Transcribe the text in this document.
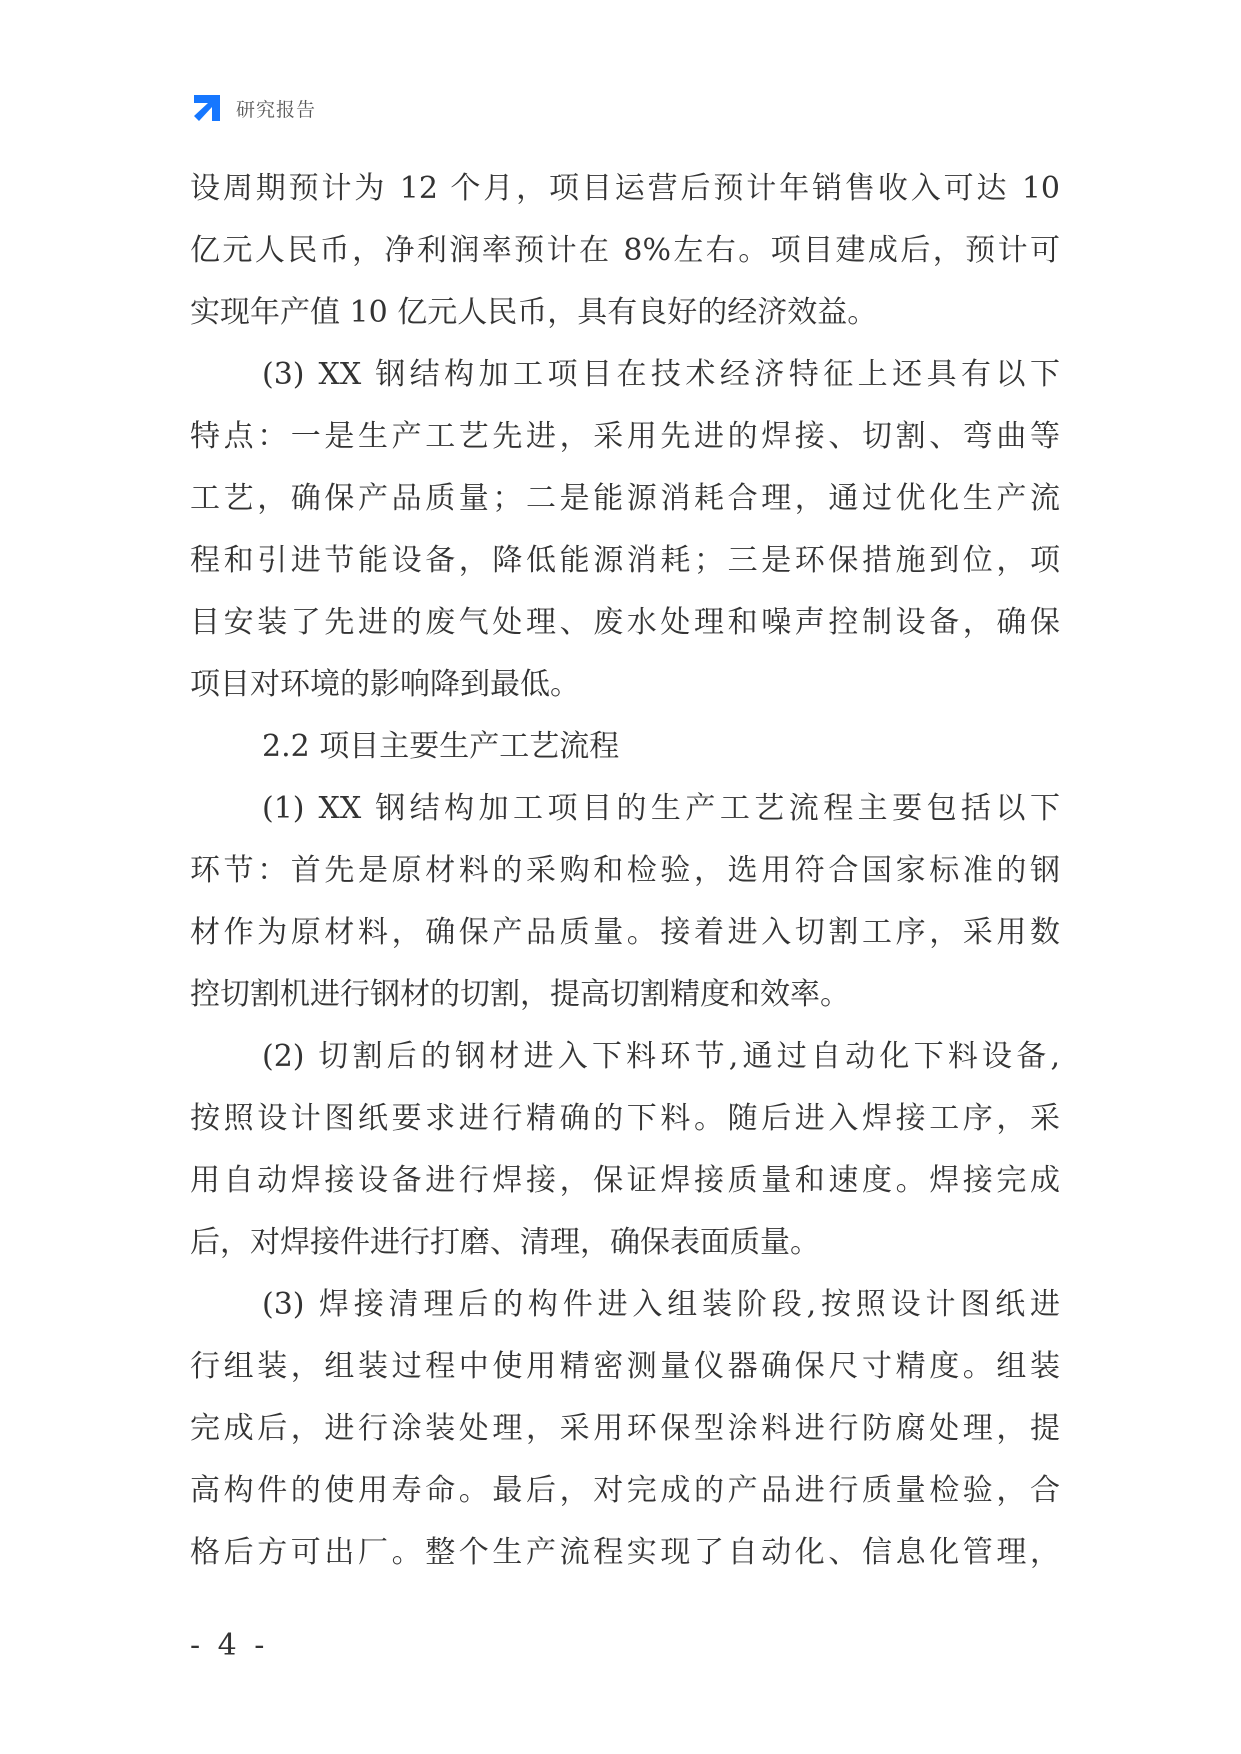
研究报告
设周期预计为 12 个月，项目运营后预计年销售收入可达 10
亿元人民币，净利润率预计在 8%左右。项目建成后，预计可
实现年产值 10 亿元人民币，具有良好的经济效益。
(3) XX 钢结构加工项目在技术经济特征上还具有以下
特点：一是生产工艺先进，采用先进的焊接、切割、弯曲等
工艺，确保产品质量；二是能源消耗合理，通过优化生产流
程和引进节能设备，降低能源消耗；三是环保措施到位，项
目安装了先进的废气处理、废水处理和噪声控制设备，确保
项目对环境的影响降到最低。
2.2 项目主要生产工艺流程
(1) XX 钢结构加工项目的生产工艺流程主要包括以下
环节：首先是原材料的采购和检验，选用符合国家标准的钢
材作为原材料，确保产品质量。接着进入切割工序，采用数
控切割机进行钢材的切割，提高切割精度和效率。
(2) 切割后的钢材进入下料环节,通过自动化下料设备,
按照设计图纸要求进行精确的下料。随后进入焊接工序，采
用自动焊接设备进行焊接，保证焊接质量和速度。焊接完成
后，对焊接件进行打磨、清理，确保表面质量。
(3) 焊接清理后的构件进入组装阶段,按照设计图纸进
行组装，组装过程中使用精密测量仪器确保尺寸精度。组装
完成后，进行涂装处理，采用环保型涂料进行防腐处理，提
高构件的使用寿命。最后，对完成的产品进行质量检验，合
格后方可出厂。整个生产流程实现了自动化、信息化管理，
- 4 -
